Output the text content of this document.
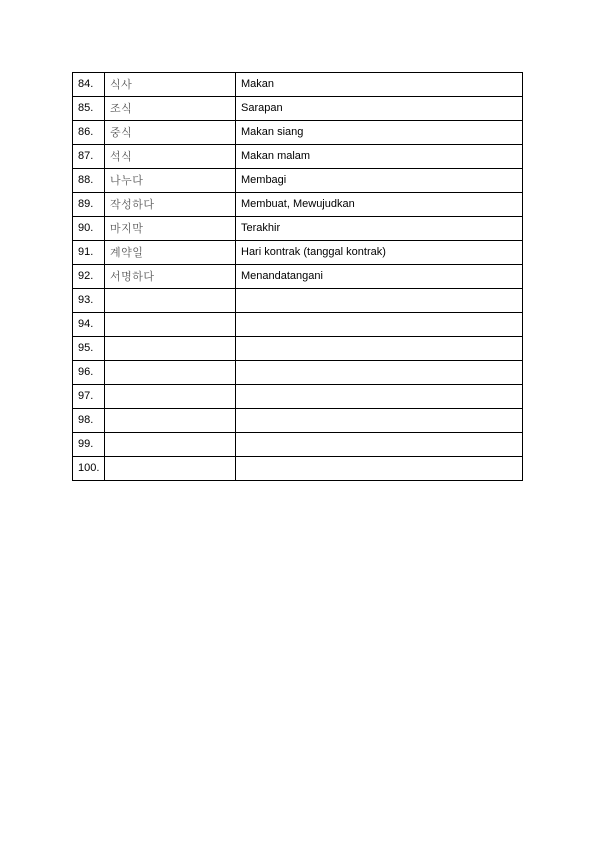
84.	식사	Makan
85.	조식	Sarapan
86.	중식	Makan siang
87.	석식	Makan malam
88.	나누다	Membagi
89.	작성하다	Membuat, Mewujudkan
90.	마지막	Terakhir
91.	계약일	Hari kontrak (tanggal kontrak)
92.	서명하다	Menandatangani
93.		
94.		
95.		
96.		
97.		
98.		
99.		
100.		
